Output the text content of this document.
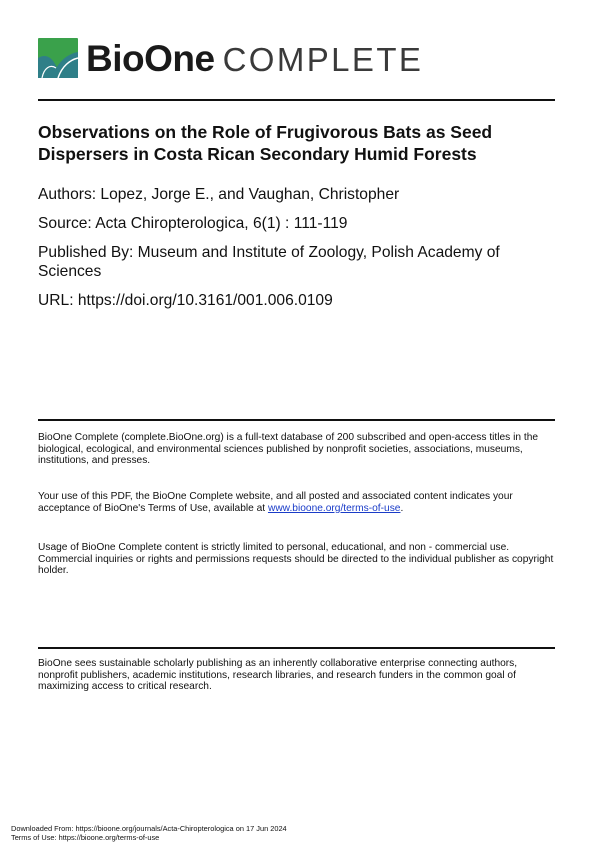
BioOne COMPLETE
Observations on the Role of Frugivorous Bats as Seed Dispersers in Costa Rican Secondary Humid Forests

Authors: Lopez, Jorge E., and Vaughan, Christopher

Source: Acta Chiropterologica, 6(1) : 111-119

Published By: Museum and Institute of Zoology, Polish Academy of Sciences

URL: https://doi.org/10.3161/001.006.0109

BioOne Complete (complete.BioOne.org) is a full-text database of 200 subscribed and open-access titles in the biological, ecological, and environmental sciences published by nonprofit societies, associations, museums, institutions, and presses.

Your use of this PDF, the BioOne Complete website, and all posted and associated content indicates your acceptance of BioOne's Terms of Use, available at www.bioone.org/terms-of-use.

Usage of BioOne Complete content is strictly limited to personal, educational, and non - commercial use. Commercial inquiries or rights and permissions requests should be directed to the individual publisher as copyright holder.

BioOne sees sustainable scholarly publishing as an inherently collaborative enterprise connecting authors, nonprofit publishers, academic institutions, research libraries, and research funders in the common goal of maximizing access to critical research.

Downloaded From: https://bioone.org/journals/Acta-Chiropterologica on 17 Jun 2024
Terms of Use: https://bioone.org/terms-of-use
